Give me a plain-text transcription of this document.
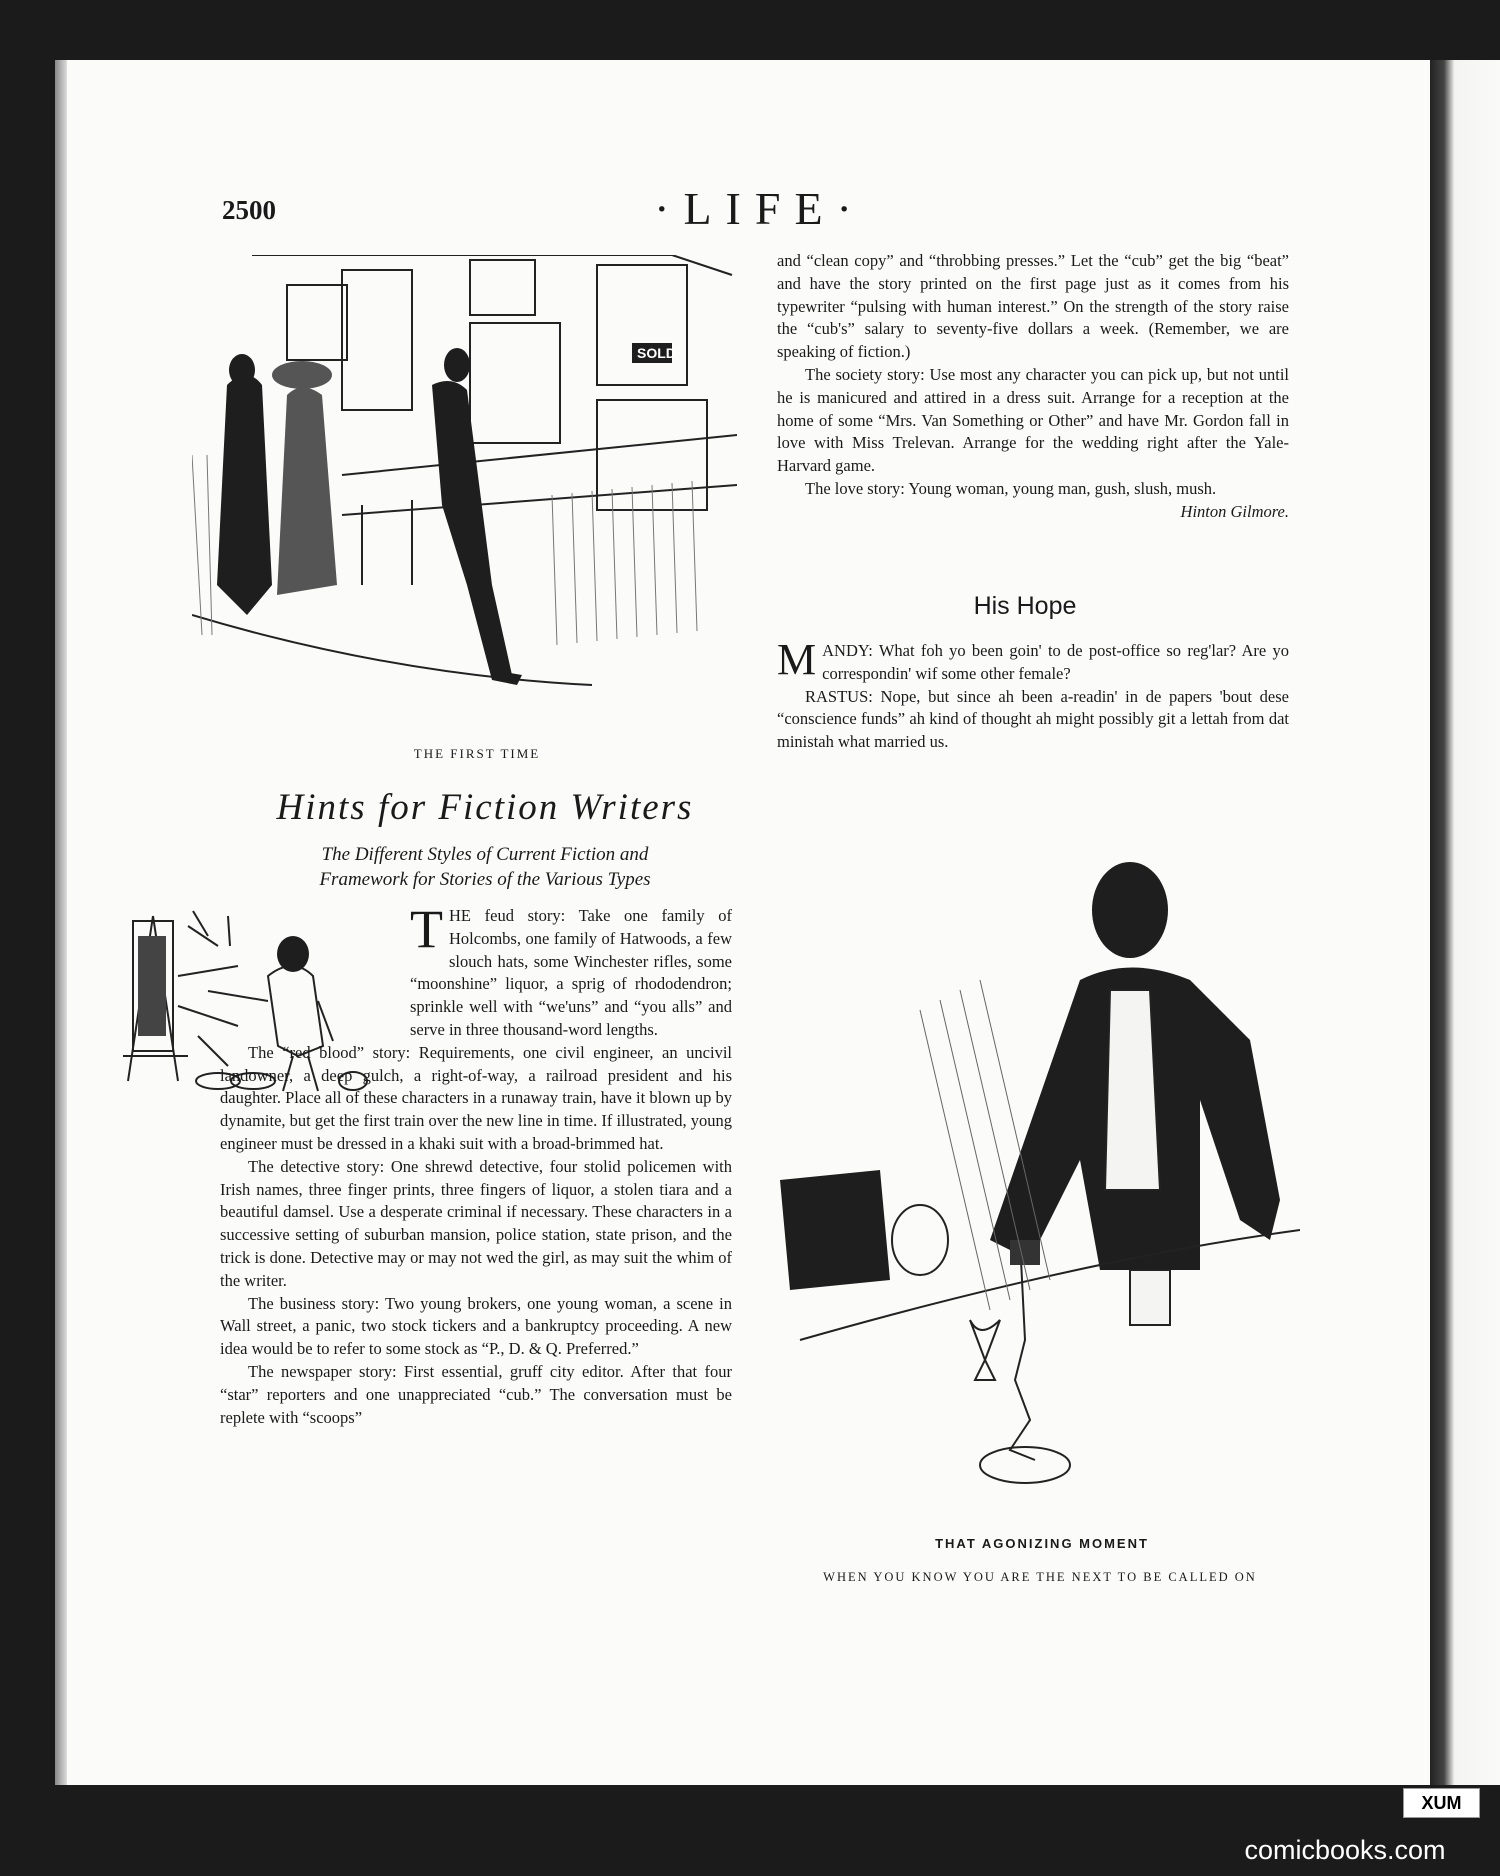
2500	·LIFE·
SOLD
THE FIRST TIME
Hints for Fiction Writers
The Different Styles of Current Fiction and
Framework for Stories of the Various Types

T HE feud story: Take one family of Holcombs, one family of Hatwoods, a few slouch hats, some Winchester rifles, some “moonshine” liquor, a sprig of rhododendron; sprinkle well with “we'uns” and “you alls” and serve in three thousand-word lengths.

The “red blood” story: Requirements, one civil engineer, an uncivil landowner, a deep gulch, a right-of-way, a railroad president and his daughter. Place all of these characters in a runaway train, have it blown up by dynamite, but get the first train over the new line in time. If illustrated, young engineer must be dressed in a khaki suit with a broad-brimmed hat.

The detective story: One shrewd detective, four stolid policemen with Irish names, three finger prints, three fingers of liquor, a stolen tiara and a beautiful damsel. Use a desperate criminal if necessary. These characters in a successive setting of suburban mansion, police station, state prison, and the trick is done. Detective may or may not wed the girl, as may suit the whim of the writer.

The business story: Two young brokers, one young woman, a scene in Wall street, a panic, two stock tickers and a bankruptcy proceeding. A new idea would be to refer to some stock as “P., D. & Q. Preferred.”

The newspaper story: First essential, gruff city editor. After that four “star” reporters and one unappreciated “cub.” The conversation must be replete with “scoops”

and “clean copy” and “throbbing presses.” Let the “cub” get the big “beat” and have the story printed on the first page just as it comes from his typewriter “pulsing with human interest.” On the strength of the story raise the “cub's” salary to seventy-five dollars a week. (Remember, we are speaking of fiction.)

The society story: Use most any character you can pick up, but not until he is manicured and attired in a dress suit. Arrange for a reception at the home of some “Mrs. Van Something or Other” and have Mr. Gordon fall in love with Miss Trelevan. Arrange for the wedding right after the Yale-Harvard game.

The love story: Young woman, young man, gush, slush, mush.
Hinton Gilmore.

His Hope

M ANDY: What foh yo been goin' to de post-office so reg'lar? Are yo correspondin' wif some other female?

RASTUS: Nope, but since ah been a-readin' in de papers 'bout dese “conscience funds” ah kind of thought ah might possibly git a lettah from dat ministah what married us.

THAT AGONIZING MOMENT
WHEN YOU KNOW YOU ARE THE NEXT TO BE CALLED ON
XUM
comicbooks.com
